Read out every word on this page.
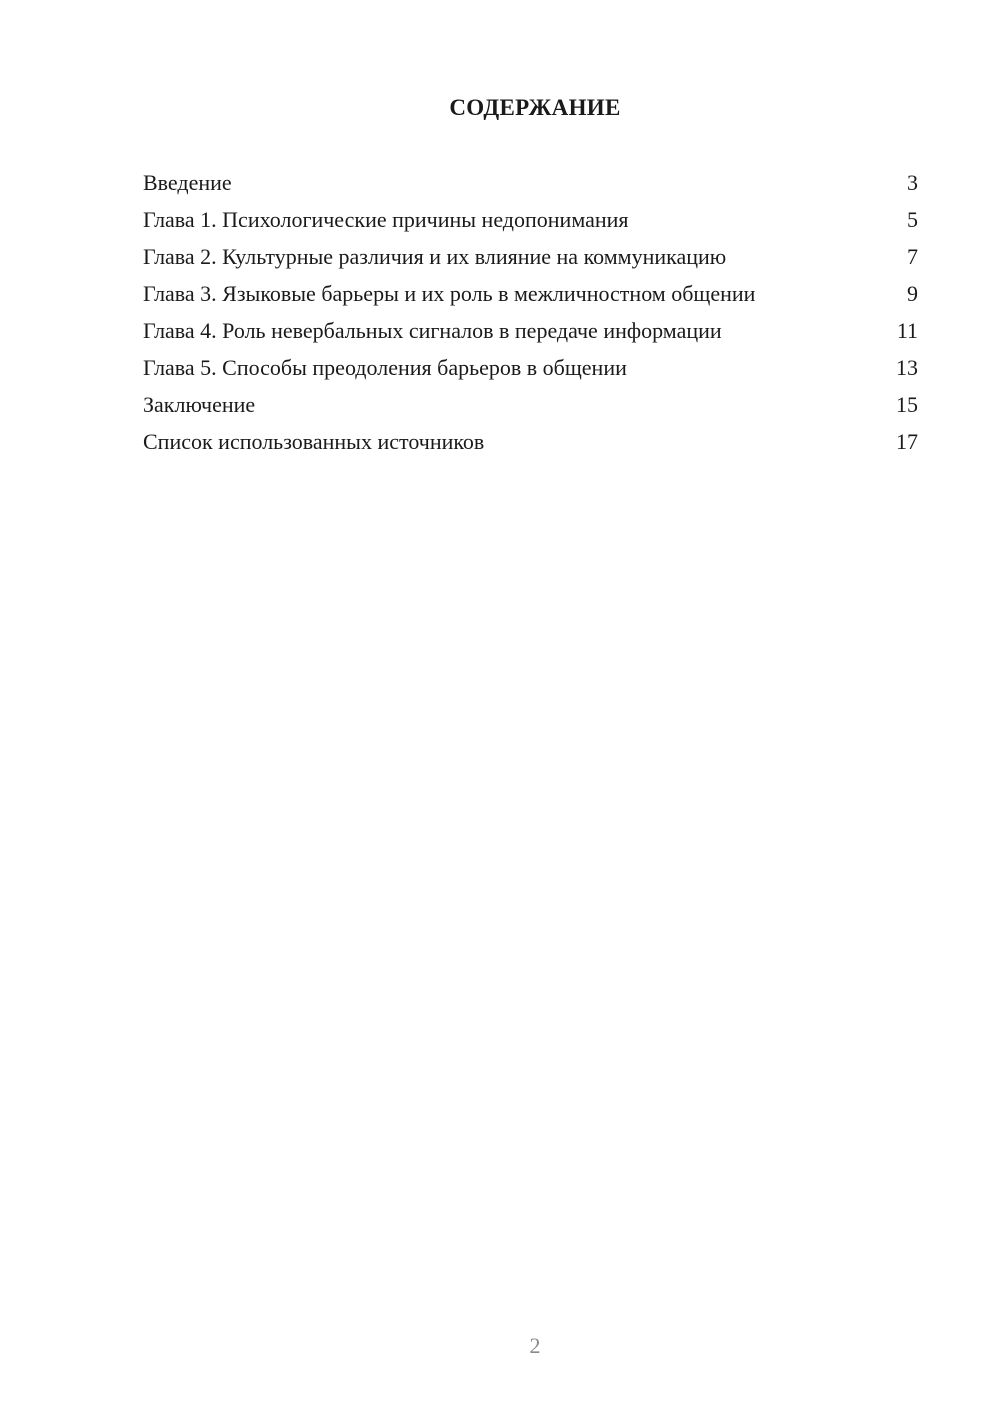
СОДЕРЖАНИЕ
Введение	3
Глава 1. Психологические причины недопонимания	5
Глава 2. Культурные различия и их влияние на коммуникацию	7
Глава 3. Языковые барьеры и их роль в межличностном общении	9
Глава 4. Роль невербальных сигналов в передаче информации	11
Глава 5. Способы преодоления барьеров в общении	13
Заключение	15
Список использованных источников	17
2
